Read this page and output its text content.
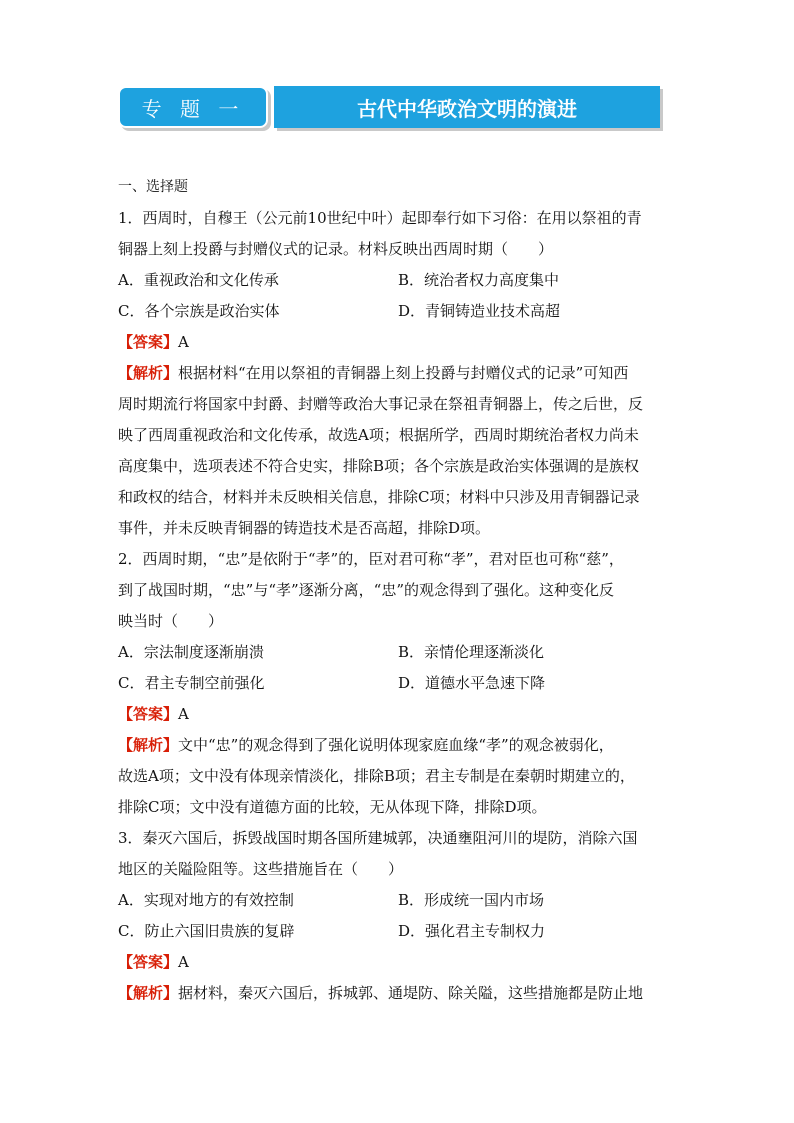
专 题 一	古代中华政治文明的演进
一、选择题
1．西周时，自穆王（公元前10世纪中叶）起即奉行如下习俗：在用以祭祖的青
铜器上刻上投爵与封赠仪式的记录。材料反映出西周时期（　　）
A．重视政治和文化传承	B．统治者权力高度集中
C．各个宗族是政治实体	D．青铜铸造业技术高超
【答案】A
【解析】根据材料“在用以祭祖的青铜器上刻上投爵与封赠仪式的记录”可知西
周时期流行将国家中封爵、封赠等政治大事记录在祭祖青铜器上，传之后世，反
映了西周重视政治和文化传承，故选A项；根据所学，西周时期统治者权力尚未
高度集中，选项表述不符合史实，排除B项；各个宗族是政治实体强调的是族权
和政权的结合，材料并未反映相关信息，排除C项；材料中只涉及用青铜器记录
事件，并未反映青铜器的铸造技术是否高超，排除D项。
2．西周时期，“忠”是依附于“孝”的，臣对君可称“孝”，君对臣也可称“慈”，
到了战国时期，“忠”与“孝”逐渐分离，“忠”的观念得到了强化。这种变化反
映当时（　　）
A．宗法制度逐渐崩溃	B．亲情伦理逐渐淡化
C．君主专制空前强化	D．道德水平急速下降
【答案】A
【解析】文中“忠”的观念得到了强化说明体现家庭血缘“孝”的观念被弱化，
故选A项；文中没有体现亲情淡化，排除B项；君主专制是在秦朝时期建立的，
排除C项；文中没有道德方面的比较，无从体现下降，排除D项。
3．秦灭六国后，拆毁战国时期各国所建城郭，决通壅阻河川的堤防，消除六国
地区的关隘险阻等。这些措施旨在（　　）
A．实现对地方的有效控制	B．形成统一国内市场
C．防止六国旧贵族的复辟	D．强化君主专制权力
【答案】A
【解析】据材料，秦灭六国后，拆城郭、通堤防、除关隘，这些措施都是防止地
